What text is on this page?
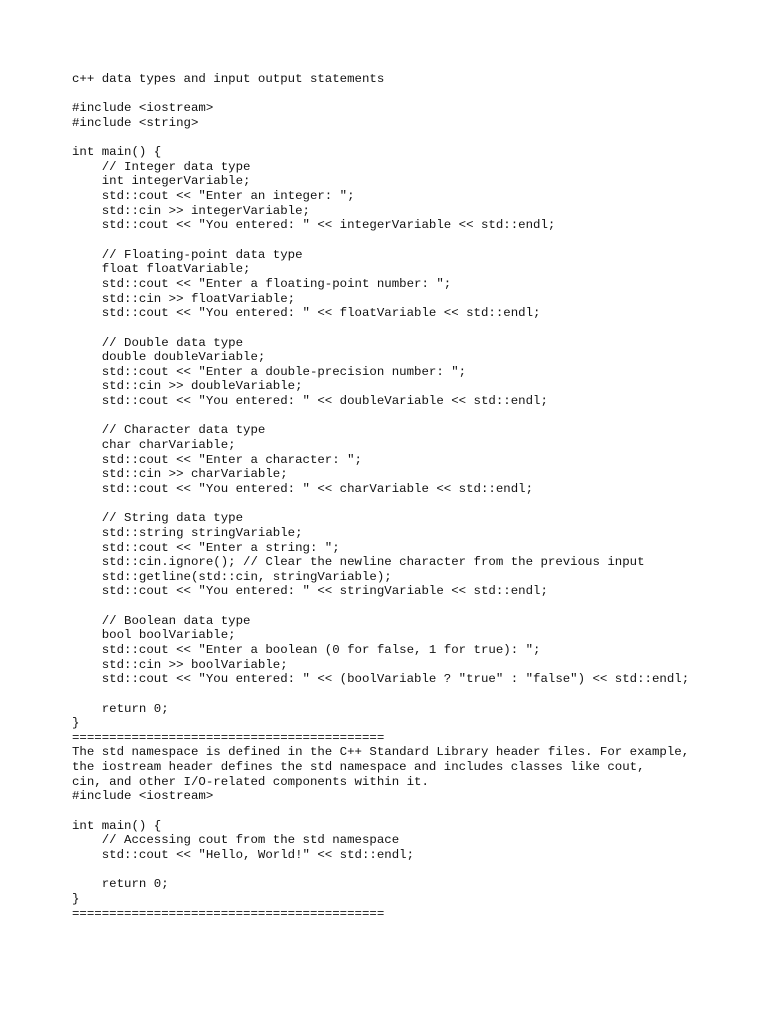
c++ data types and input output statements
#include <iostream>
#include <string>
int main() {
// Integer data type
int integerVariable;
std::cout << "Enter an integer: ";
std::cin >> integerVariable;
std::cout << "You entered: " << integerVariable << std::endl;
// Floating-point data type
float floatVariable;
std::cout << "Enter a floating-point number: ";
std::cin >> floatVariable;
std::cout << "You entered: " << floatVariable << std::endl;
// Double data type
double doubleVariable;
std::cout << "Enter a double-precision number: ";
std::cin >> doubleVariable;
std::cout << "You entered: " << doubleVariable << std::endl;
// Character data type
char charVariable;
std::cout << "Enter a character: ";
std::cin >> charVariable;
std::cout << "You entered: " << charVariable << std::endl;
// String data type
std::string stringVariable;
std::cout << "Enter a string: ";
std::cin.ignore(); // Clear the newline character from the previous input
std::getline(std::cin, stringVariable);
std::cout << "You entered: " << stringVariable << std::endl;
// Boolean data type
bool boolVariable;
std::cout << "Enter a boolean (0 for false, 1 for true): ";
std::cin >> boolVariable;
std::cout << "You entered: " << (boolVariable ? "true" : "false") << std::endl;
return 0;
}
==========================================
The std namespace is defined in the C++ Standard Library header files. For example,
the iostream header defines the std namespace and includes classes like cout,
cin, and other I/O-related components within it.
#include <iostream>
int main() {
// Accessing cout from the std namespace
std::cout << "Hello, World!" << std::endl;
return 0;
}
==========================================
